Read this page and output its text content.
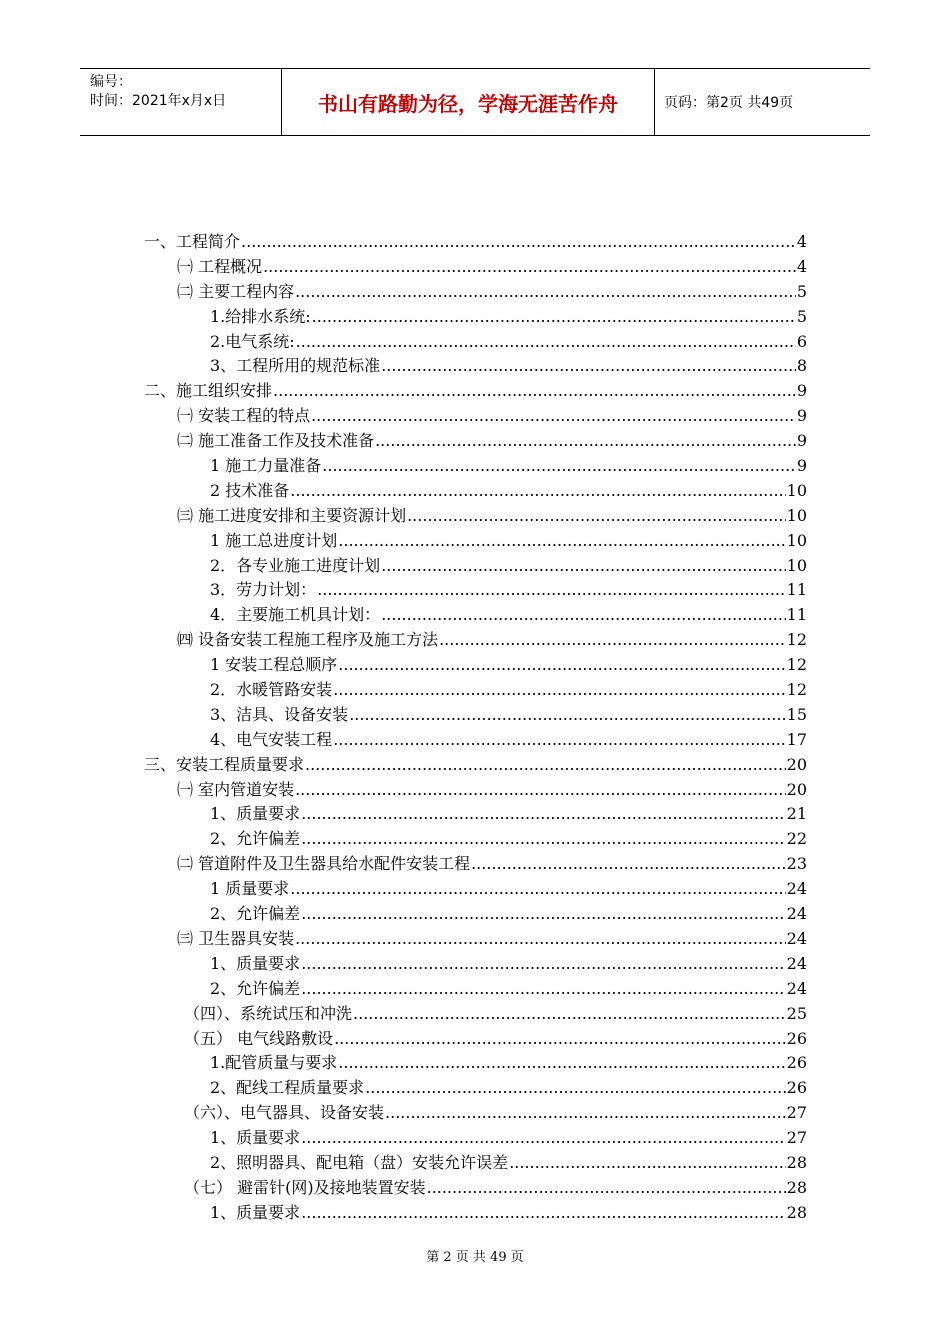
编号：
时间：2021年x月x日	书山有路勤为径，学海无涯苦作舟	页码：第2页 共49页
一、工程简介 .....	4
㈠ 工程概况 .....	4
㈡ 主要工程内容 .....	5
1.给排水系统: .....	5
2.电气系统: .....	6
3、工程所用的规范标准 .....	8
二、施工组织安排 .....	9
㈠ 安装工程的特点 .....	9
㈡ 施工准备工作及技术准备 .....	9
1 施工力量准备 .....	9
2 技术准备 .....	10
㈢ 施工进度安排和主要资源计划 .....	10
1 施工总进度计划 .....	10
2．各专业施工进度计划 .....	10
3．劳力计划： .....	11
4．主要施工机具计划： .....	11
㈣ 设备安装工程施工程序及施工方法 .....	12
1 安装工程总顺序 .....	12
2．水暖管路安装 .....	12
3、洁具、设备安装 .....	15
4、电气安装工程 .....	17
三、安装工程质量要求 .....	20
㈠ 室内管道安装 .....	20
1、质量要求 .....	21
2、允许偏差 .....	22
㈡ 管道附件及卫生器具给水配件安装工程 .....	23
1 质量要求 .....	24
2、允许偏差 .....	24
㈢ 卫生器具安装 .....	24
1、质量要求 .....	24
2、允许偏差 .....	24
（四）、系统试压和冲洗 .....	25
（五） 电气线路敷设 .....	26
1.配管质量与要求 .....	26
2、配线工程质量要求 .....	26
（六）、电气器具、设备安装 .....	27
1、质量要求 .....	27
2、照明器具、配电箱（盘）安装允许误差 .....	28
（七） 避雷针(网)及接地装置安装 .....	28
1、质量要求 .....	28
第 2 页 共 49 页
